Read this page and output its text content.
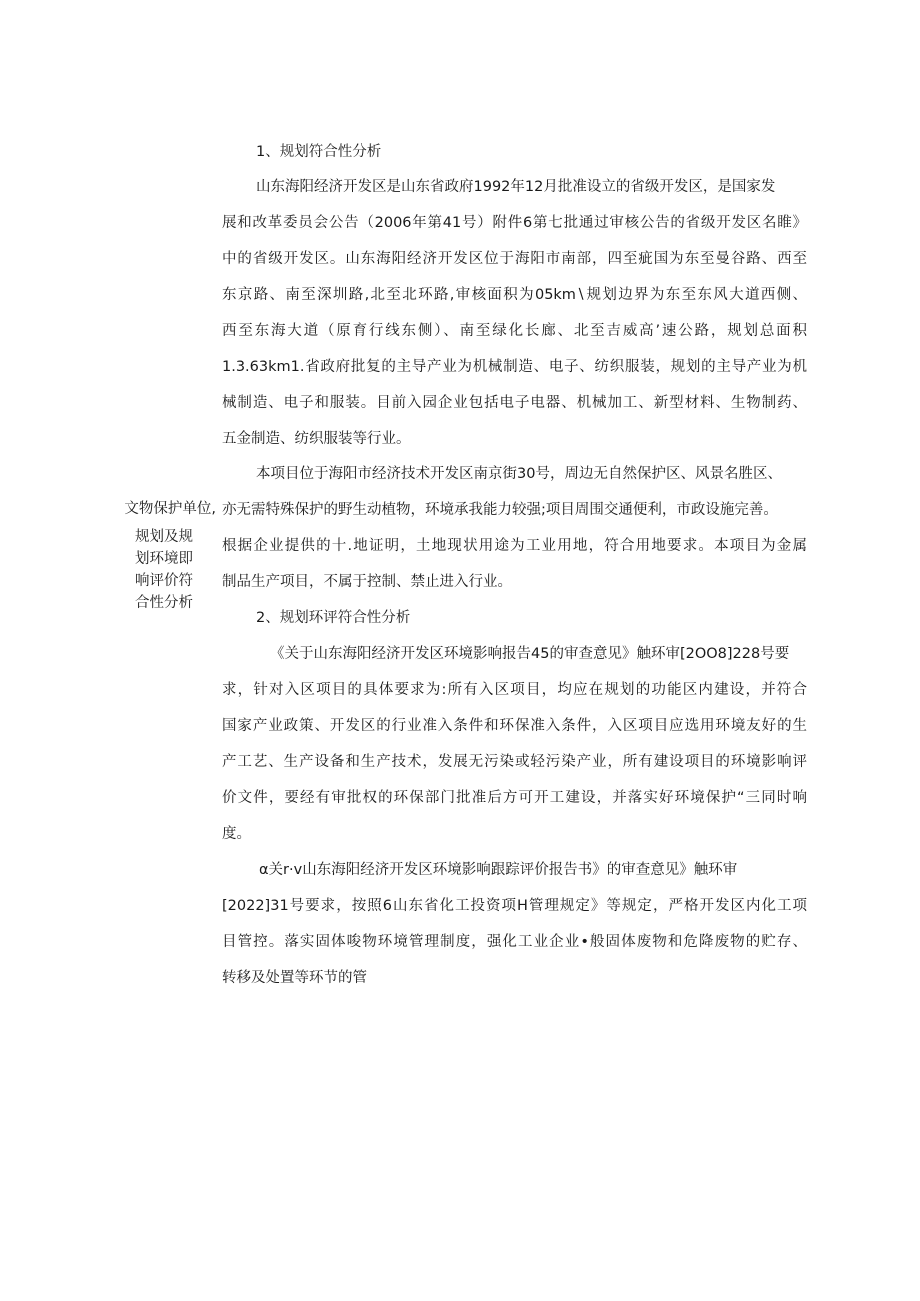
文物保护单位,
规划及规
划环境即
响评价符
合性分析
1、规划符合性分析
山东海阳经济开发区是山东省政府1992年12月批准设立的省级开发区，是国家发
展和改革委员会公告（2006年第41号）附件6第七批通过审核公告的省级开发区名睢》
中的省级开发区。山东海阳经济开发区位于海阳市南部，四至疵国为东至曼谷路、西至
东京路、南至深圳路,北至北环路,审核面积为05km∖规划边界为东至东风大道西侧、
西至东海大道（原育行线东侧）、南至绿化长廊、北至吉威高’速公路，规划总面积
1.3.63km1.省政府批复的主导产业为机械制造、电子、纺织服装，规划的主导产业为机
械制造、电子和服装。目前入园企业包括电子电器、机械加工、新型材料、生物制药、
五金制造、纺织服装等行业。
本项目位于海阳市经济技术开发区南京街30号，周边无自然保护区、风景名胜区、
亦无需特殊保护的野生动植物，环境承我能力较强;项目周围交通便利，市政设施完善。
根据企业提供的十.地证明，土地现状用途为工业用地，符合用地要求。本项目为金属
制品生产项目，不属于控制、禁止进入行业。
2、规划环评符合性分析
《关于山东海阳经济开发区环境影响报告45的审查意见》触环审[2OO8]228号要
求，针对入区项目的具体要求为:所有入区项目，均应在规划的功能区内建设，并符合
国家产业政策、开发区的行业准入条件和环保准入条件，入区项目应选用环境友好的生
产工艺、生产设备和生产技术，发展无污染或轻污染产业，所有建设项目的环境影响评
价文件，要经有审批权的环保部门批准后方可开工建设，并落实好环境保护“三同时响
度。
α关r·v山东海阳经济开发区环境影响跟踪评价报告书》的审查意见》触环审
[2022]31号要求，按照6山东省化工投资项H管理规定》等规定，严格开发区内化工项
目管控。落实固体唆物环境管理制度，强化工业企业•般固体废物和危降废物的贮存、
转移及处置等环节的管
